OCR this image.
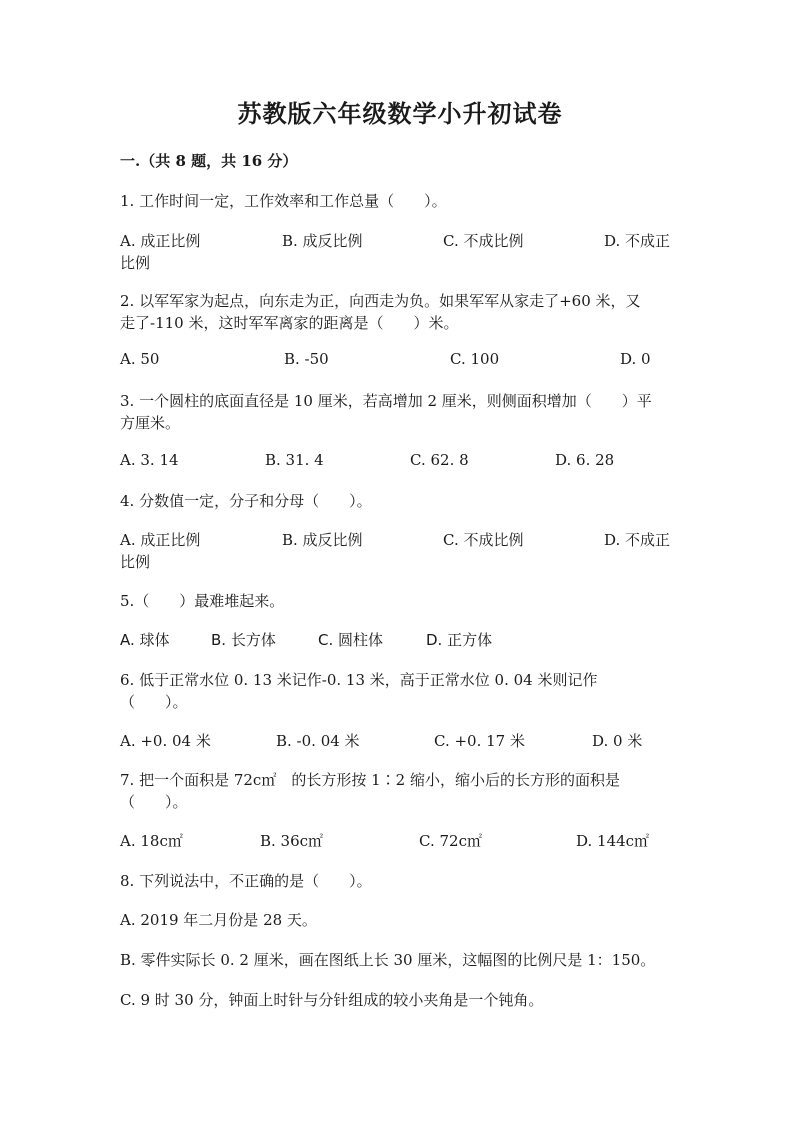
苏教版六年级数学小升初试卷
一.（共 8 题，共 16 分）
1. 工作时间一定，工作效率和工作总量（　　）。
A. 成正比例	B. 成反比例	C. 不成比例	D. 不成正
比例
2. 以军军家为起点，向东走为正，向西走为负。如果军军从家走了+60 米，又
走了-110 米，这时军军离家的距离是（　　）米。
A. 50	B. -50	C. 100	D. 0
3. 一个圆柱的底面直径是 10 厘米，若高增加 2 厘米，则侧面积增加（　　）平
方厘米。
A. 3. 14	B. 31. 4	C. 62. 8	D. 6. 28
4. 分数值一定，分子和分母（　　）。
A. 成正比例	B. 成反比例	C. 不成比例	D. 不成正
比例
5.（　　）最难堆起来。
A. 球体	B. 长方体	C. 圆柱体	D. 正方体
6. 低于正常水位 0. 13 米记作-0. 13 米，高于正常水位 0. 04 米则记作
（　　）。
A. +0. 04 米	B. -0. 04 米	C. +0. 17 米	D. 0 米
7. 把一个面积是 72c㎡　的长方形按 1∶2 缩小，缩小后的长方形的面积是
（　　）。
A. 18c㎡	B. 36c㎡	C. 72c㎡	D. 144c㎡
8. 下列说法中，不正确的是（　　）。
A. 2019 年二月份是 28 天。
B. 零件实际长 0. 2 厘米，画在图纸上长 30 厘米，这幅图的比例尺是 1：150。
C. 9 时 30 分，钟面上时针与分针组成的较小夹角是一个钝角。
